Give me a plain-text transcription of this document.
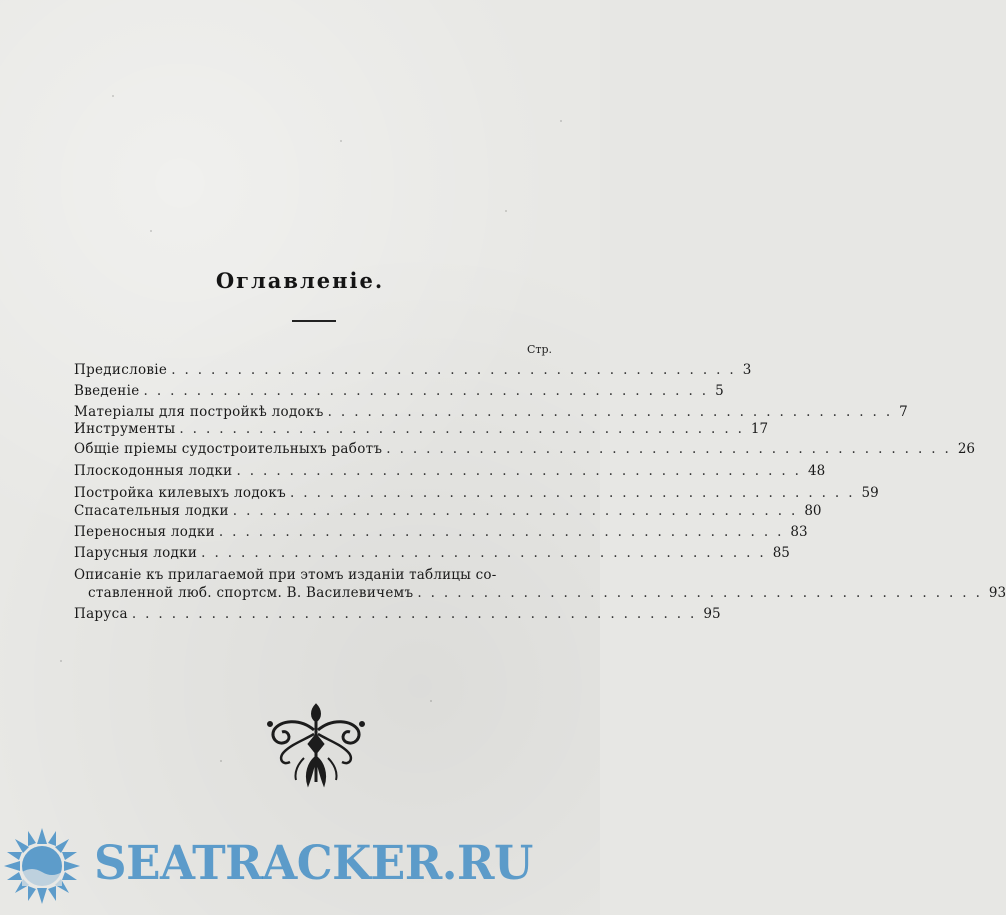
Оглавленіе.
Стр.
Предисловіе ........................................... 3
Введеніе ........................................... 5
Матеріалы для постройкѣ лодокъ ........................................... 7
Инструменты ........................................... 17
Общіе пріемы судостроительныхъ работъ ........................................... 26
Плоскодонныя лодки ........................................... 48
Постройка килевыхъ лодокъ ........................................... 59
Спасательныя лодки ........................................... 80
Переносныя лодки ........................................... 83
Парусныя лодки ........................................... 85
Описаніе къ прилагаемой при этомъ изданіи таблицы со-
ставленной люб. спортсм. В. Василевичемъ ........................................... 93
Паруса ........................................... 95
SEATRACKER.RU
